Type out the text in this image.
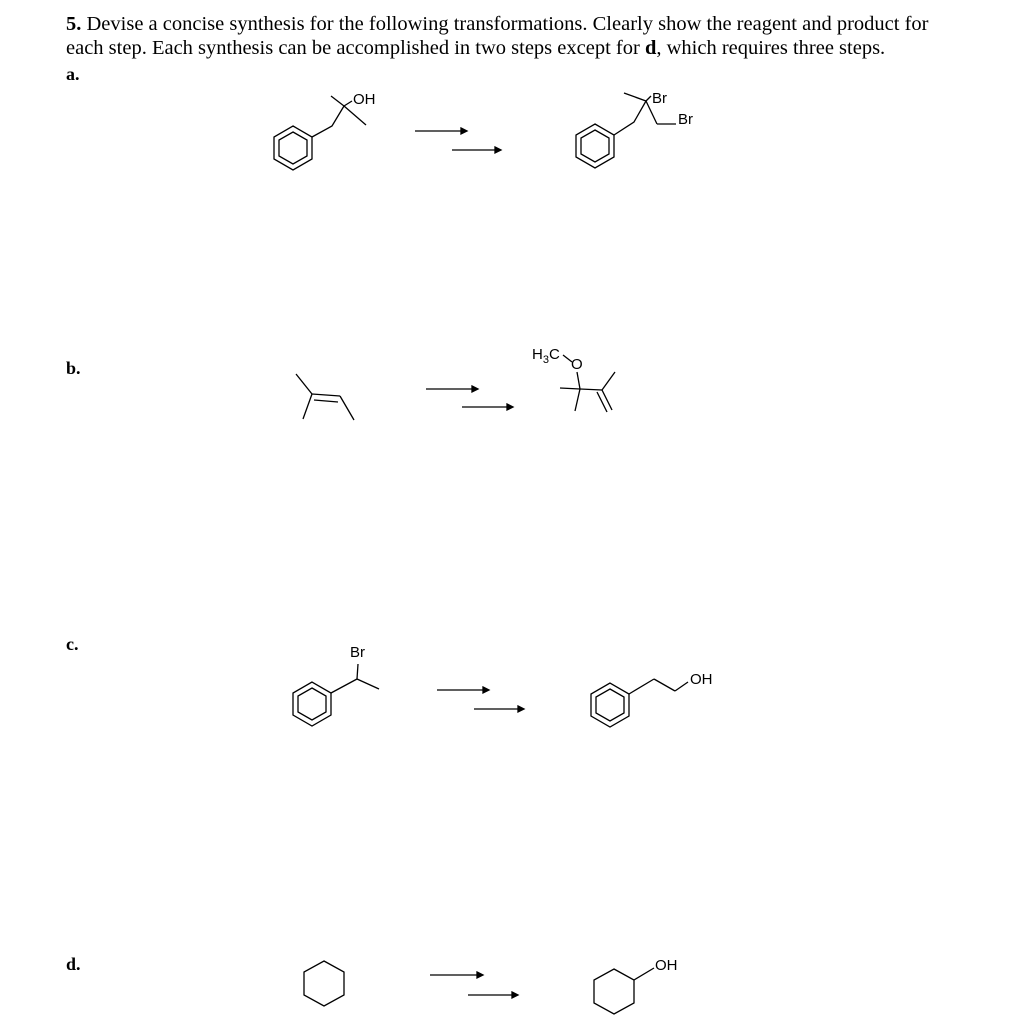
5. Devise a concise synthesis for the following transformations. Clearly show the reagent and product for each step. Each synthesis can be accomplished in two steps except for d, which requires three steps.
a.
b.
c.
d.
OH	Br
Br
$H_3C$
O
Br
OH
OH
